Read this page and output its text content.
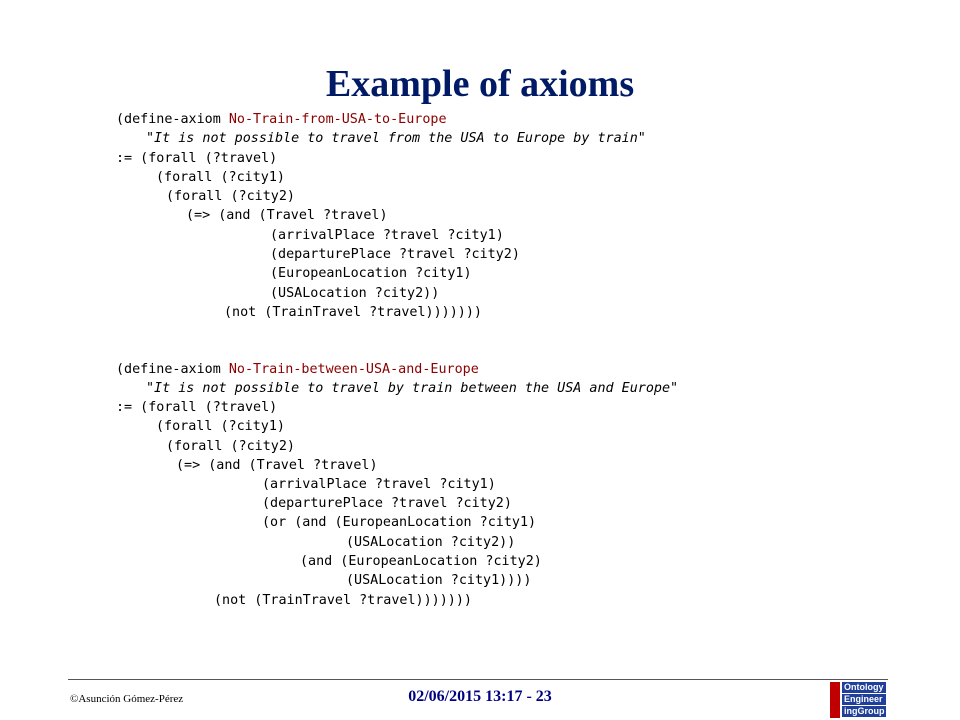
Example of axioms

(define-axiom No-Train-from-USA-to-Europe

"It is not possible to travel from the USA to Europe by train"

:= (forall (?travel)

(forall (?city1)

(forall (?city2)

(=> (and (Travel ?travel)

(arrivalPlace ?travel ?city1)

(departurePlace ?travel ?city2)

(EuropeanLocation ?city1)

(USALocation ?city2))

(not (TrainTravel ?travel)))))))

(define-axiom No-Train-between-USA-and-Europe

"It is not possible to travel by train between the USA and Europe"

:= (forall (?travel)

(forall (?city1)

(forall (?city2)

(=> (and (Travel ?travel)

(arrivalPlace ?travel ?city1)

(departurePlace ?travel ?city2)

(or (and (EuropeanLocation ?city1)

(USALocation ?city2))

(and (EuropeanLocation ?city2)

(USALocation ?city1))))

(not (TrainTravel ?travel)))))))

©Asunción Gómez-Pérez	02/06/2015 13:17 - 23
Ontology
Engineer
ingGroup
